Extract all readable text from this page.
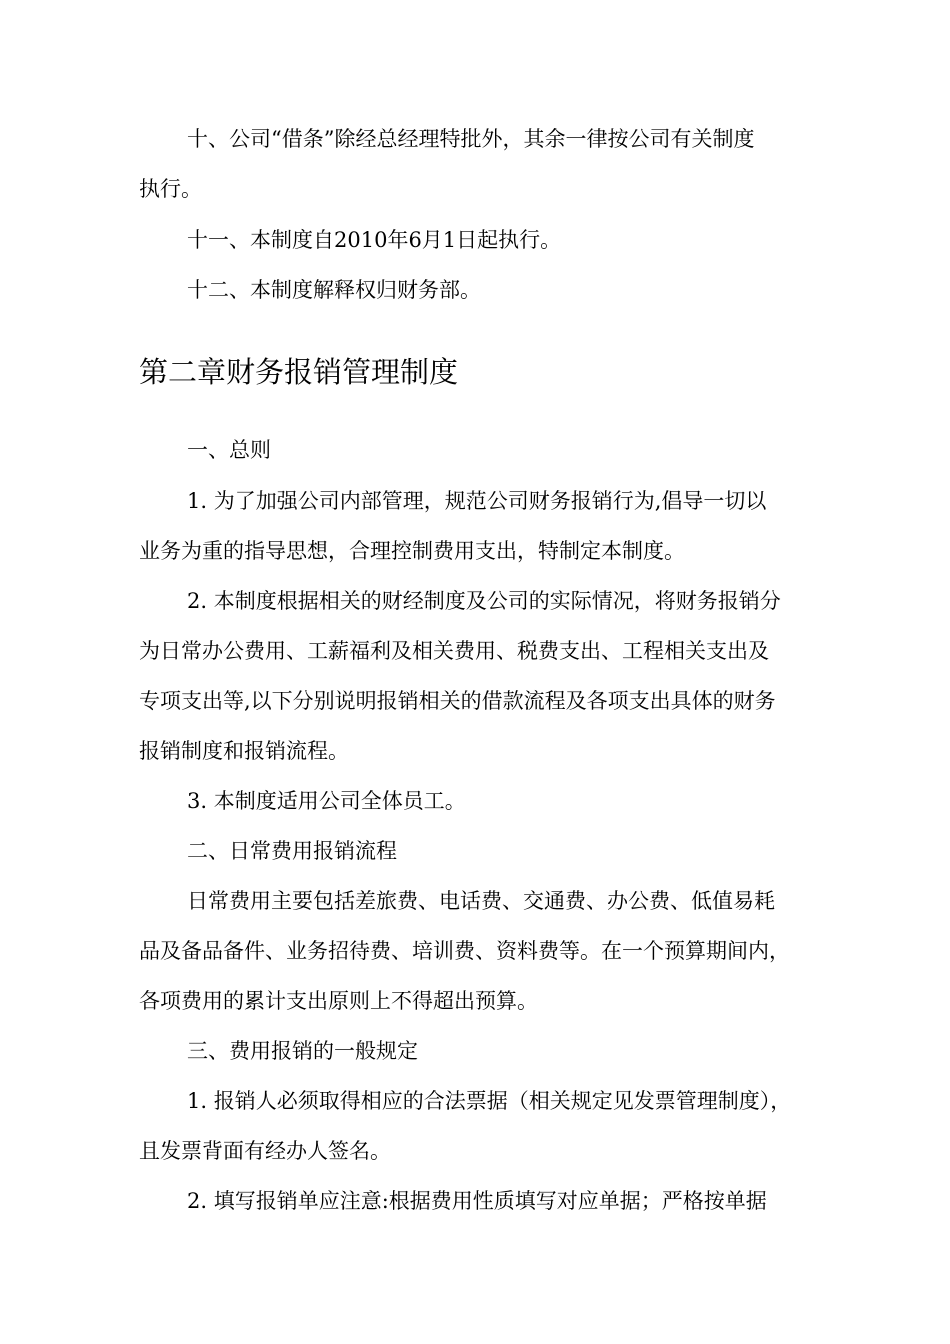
十、公司“借条”除经总经理特批外，其余一律按公司有关制度
执行。
十一、本制度自2010年6月1日起执行。
十二、本制度解释权归财务部。
第二章财务报销管理制度
一、总则
1. 为了加强公司内部管理，规范公司财务报销行为,倡导一切以
业务为重的指导思想，合理控制费用支出，特制定本制度。
2. 本制度根据相关的财经制度及公司的实际情况，将财务报销分
为日常办公费用、工薪福利及相关费用、税费支出、工程相关支出及
专项支出等,以下分别说明报销相关的借款流程及各项支出具体的财务
报销制度和报销流程。
3. 本制度适用公司全体员工。
二、日常费用报销流程
日常费用主要包括差旅费、电话费、交通费、办公费、低值易耗
品及备品备件、业务招待费、培训费、资料费等。在一个预算期间内，
各项费用的累计支出原则上不得超出预算。
三、费用报销的一般规定
1. 报销人必须取得相应的合法票据（相关规定见发票管理制度），
且发票背面有经办人签名。
2. 填写报销单应注意:根据费用性质填写对应单据；严格按单据
